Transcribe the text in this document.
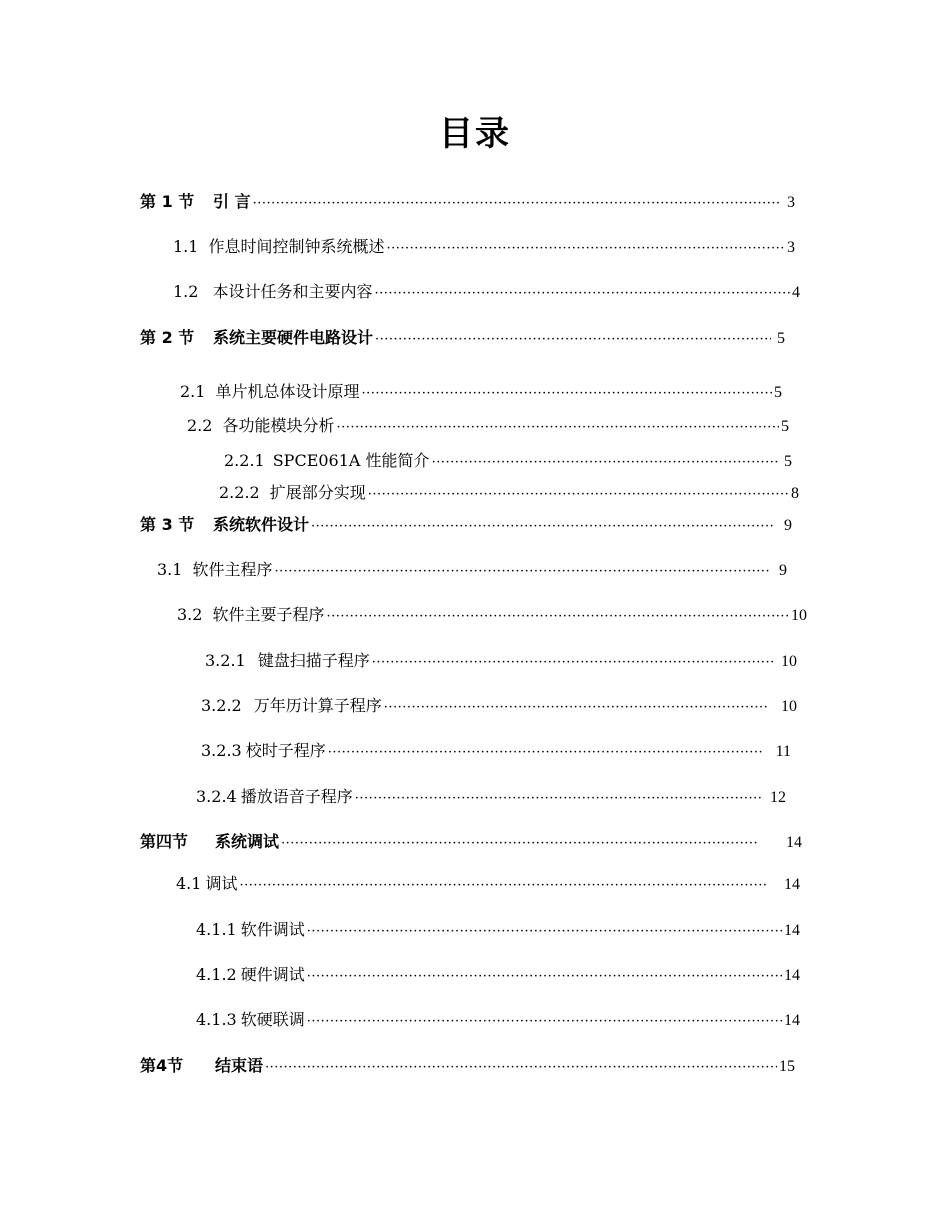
目录
第 1 节 引 言 ·····	3
1.1 作息时间控制钟系统概述 ·····	3
1.2 本设计任务和主要内容 ·····	4
第 2 节 系统主要硬件电路设计 ·····	5
2.1 单片机总体设计原理 ·····	5
2.2 各功能模块分析 ·····	5
2.2.1 SPCE061A 性能简介 ·····	5
2.2.2 扩展部分实现 ·····	8
第 3 节 系统软件设计 ·····	9
3.1 软件主程序 ·····	9
3.2 软件主要子程序 ·····	10
3.2.1 键盘扫描子程序 ·····	10
3.2.2 万年历计算子程序 ·····	10
3.2.3 校时子程序 ·····	11
3.2.4 播放语音子程序 ·····	12
第四节 系统调试 ·····	14
4.1 调试 ·····	14
4.1.1 软件调试 ·····	14
4.1.2 硬件调试 ·····	14
4.1.3 软硬联调 ·····	14
第4节 结束语 ·····	15
